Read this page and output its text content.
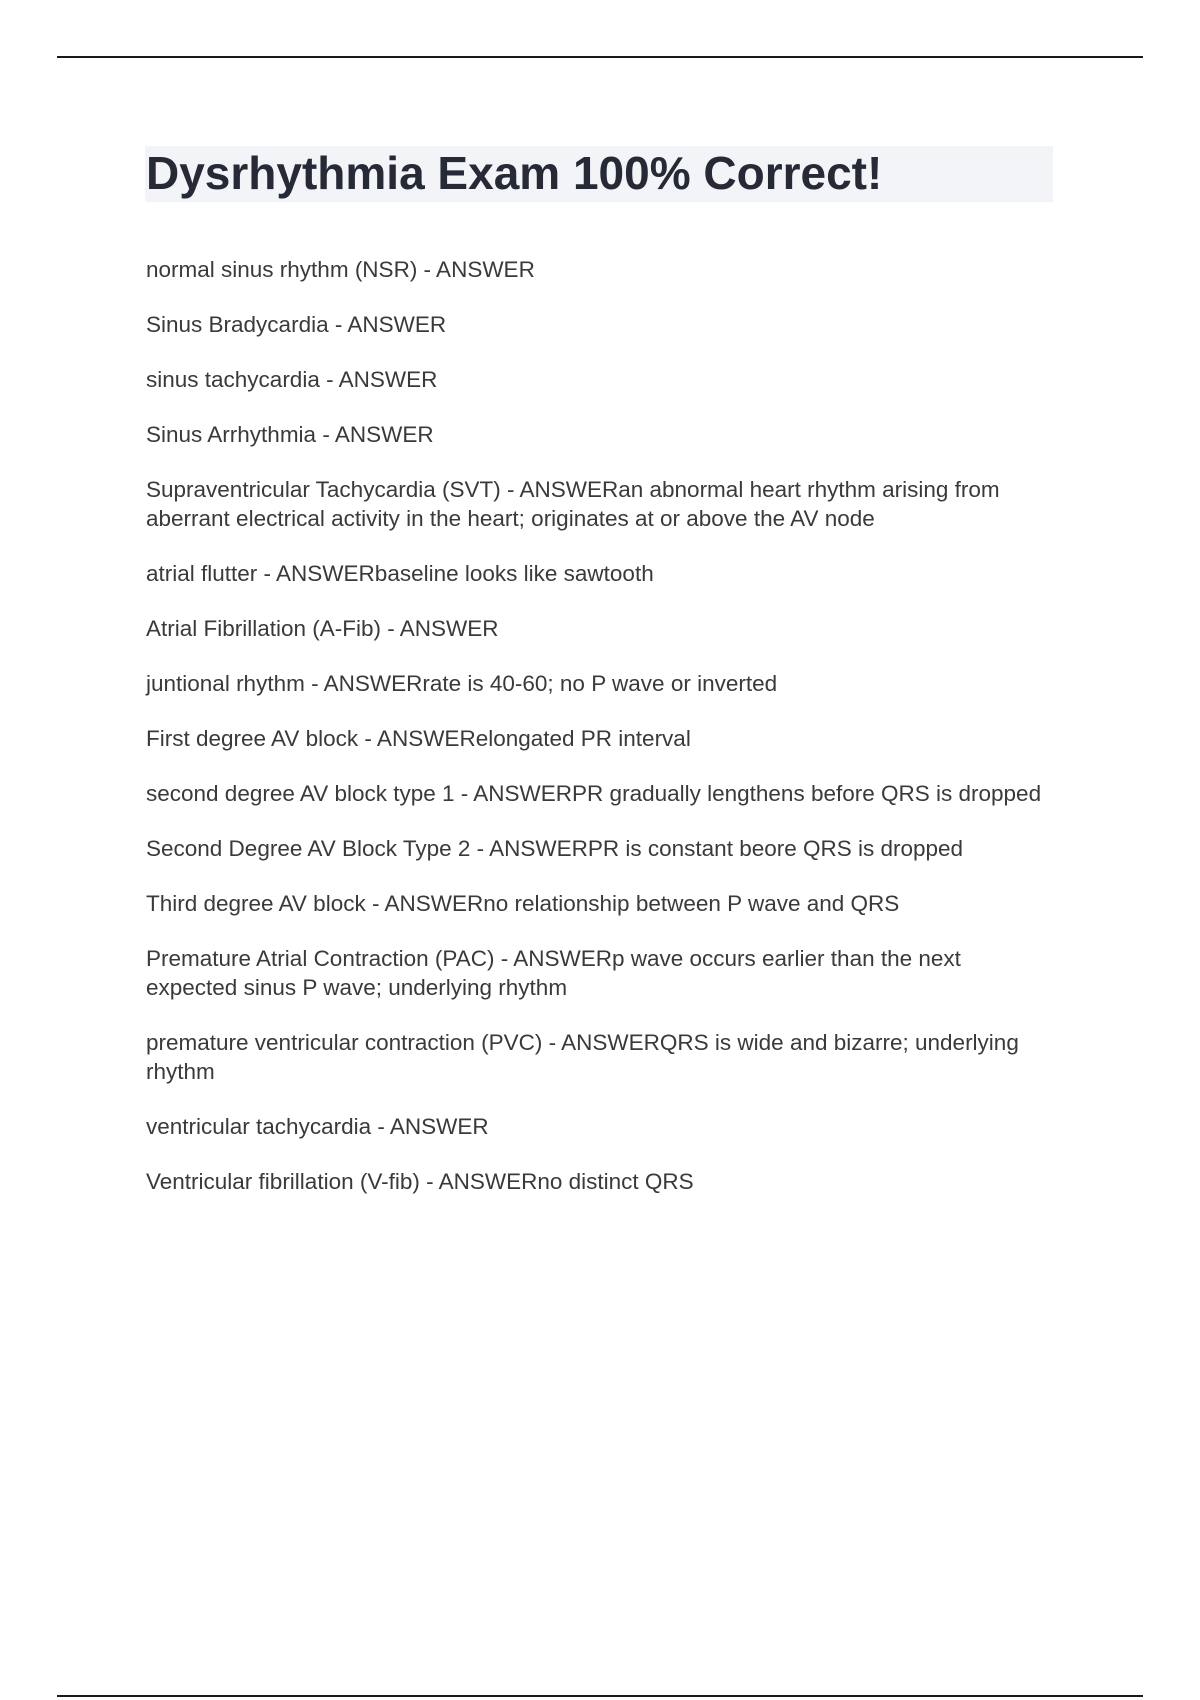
Dysrhythmia Exam 100% Correct!
normal sinus rhythm (NSR) - ANSWER
Sinus Bradycardia - ANSWER
sinus tachycardia - ANSWER
Sinus Arrhythmia - ANSWER
Supraventricular Tachycardia (SVT) - ANSWERan abnormal heart rhythm arising from aberrant electrical activity in the heart; originates at or above the AV node
atrial flutter - ANSWERbaseline looks like sawtooth
Atrial Fibrillation (A-Fib) - ANSWER
juntional rhythm - ANSWERrate is 40-60; no P wave or inverted
First degree AV block - ANSWERelongated PR interval
second degree AV block type 1 - ANSWERPR gradually lengthens before QRS is dropped
Second Degree AV Block Type 2 - ANSWERPR is constant beore QRS is dropped
Third degree AV block - ANSWERno relationship between P wave and QRS
Premature Atrial Contraction (PAC) - ANSWERp wave occurs earlier than the next expected sinus P wave; underlying rhythm
premature ventricular contraction (PVC) - ANSWERQRS is wide and bizarre; underlying rhythm
ventricular tachycardia - ANSWER
Ventricular fibrillation (V-fib) - ANSWERno distinct QRS
